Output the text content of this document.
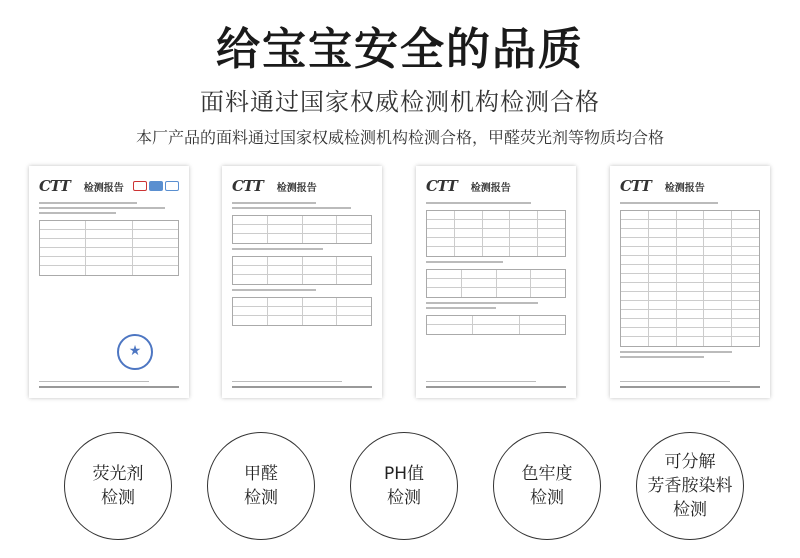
给宝宝安全的品质
面料通过国家权威检测机构检测合格
本厂产品的面料通过国家权威检测机构检测合格，甲醛荧光剂等物质均合格
CTT 检测报告
★	CTT 检测报告	CTT 检测报告	CTT 检测报告
荧光剂
检测
甲醛
检测
PH值
检测
色牢度
检测
可分解
芳香胺染料
检测
